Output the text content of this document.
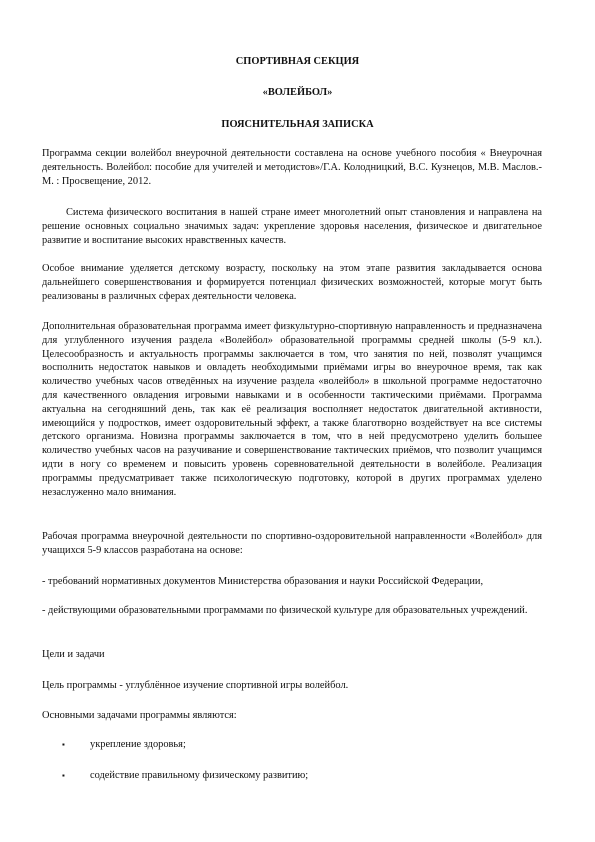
СПОРТИВНАЯ СЕКЦИЯ
«ВОЛЕЙБОЛ»
ПОЯСНИТЕЛЬНАЯ ЗАПИСКА

Программа секции волейбол внеурочной деятельности составлена на основе учебного пособия « Внеурочная деятельность. Волейбол: пособие для учителей и методистов»/Г.А. Колодницкий, В.С. Кузнецов, М.В. Маслов.- М. : Просвещение, 2012.

Система физического воспитания в нашей стране имеет многолетний опыт становления и направлена на решение основных социально значимых задач: укрепление здоровья населения, физическое и двигательное развитие и воспитание высоких нравственных качеств.

Особое внимание уделяется детскому возрасту, поскольку на этом этапе развития закладывается основа дальнейшего совершенствования и формируется потенциал физических возможностей, которые могут быть реализованы в различных сферах деятельности человека.

Дополнительная образовательная программа имеет физкультурно-спортивную направленность и предназначена для углубленного изучения раздела «Волейбол» образовательной программы средней школы (5-9 кл.). Целесообразность и актуальность программы заключается в том, что занятия по ней, позволят учащимся восполнить недостаток навыков и овладеть необходимыми приёмами игры во внеурочное время, так как количество учебных часов отведённых на изучение раздела «волейбол» в школьной программе недостаточно для качественного овладения игровыми навыками и в особенности тактическими приёмами. Программа актуальна на сегодняшний день, так как её реализация восполняет недостаток двигательной активности, имеющийся у подростков, имеет оздоровительный эффект, а также благотворно воздействует на все системы детского организма. Новизна программы заключается в том, что в ней предусмотрено уделить большее количество учебных часов на разучивание и совершенствование тактических приёмов, что позволит учащимся идти в ногу со временем и повысить уровень соревновательной деятельности в волейболе. Реализация программы предусматривает также психологическую подготовку, которой в других программах уделено незаслуженно мало внимания.

Рабочая программа внеурочной деятельности по спортивно-оздоровительной направленности «Волейбол» для учащихся 5-9 классов разработана на основе:

- требований нормативных документов Министерства образования и науки Российской Федерации,

- действующими образовательными программами по физической культуре для образовательных учреждений.

Цели и задачи

Цель программы - углублённое изучение спортивной игры волейбол.

Основными задачами программы являются:

▪ укрепление здоровья;
▪ содействие правильному физическому развитию;
